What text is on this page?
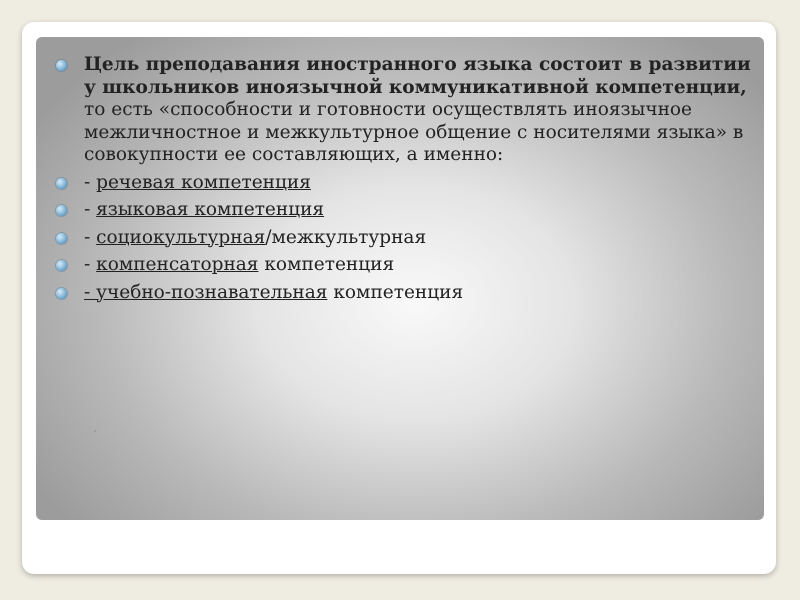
Цель преподавания иностранного языка состоит в развитии у школьников иноязычной коммуникативной компетенции, то есть «способности и готовности осуществлять иноязычное межличностное и межкультурное общение с носителями языка» в совокупности ее составляющих, а именно:
- речевая компетенция
- языковая компетенция
- социокультурная/межкультурная
- компенсаторная компетенция
- учебно-познавательная компетенция
